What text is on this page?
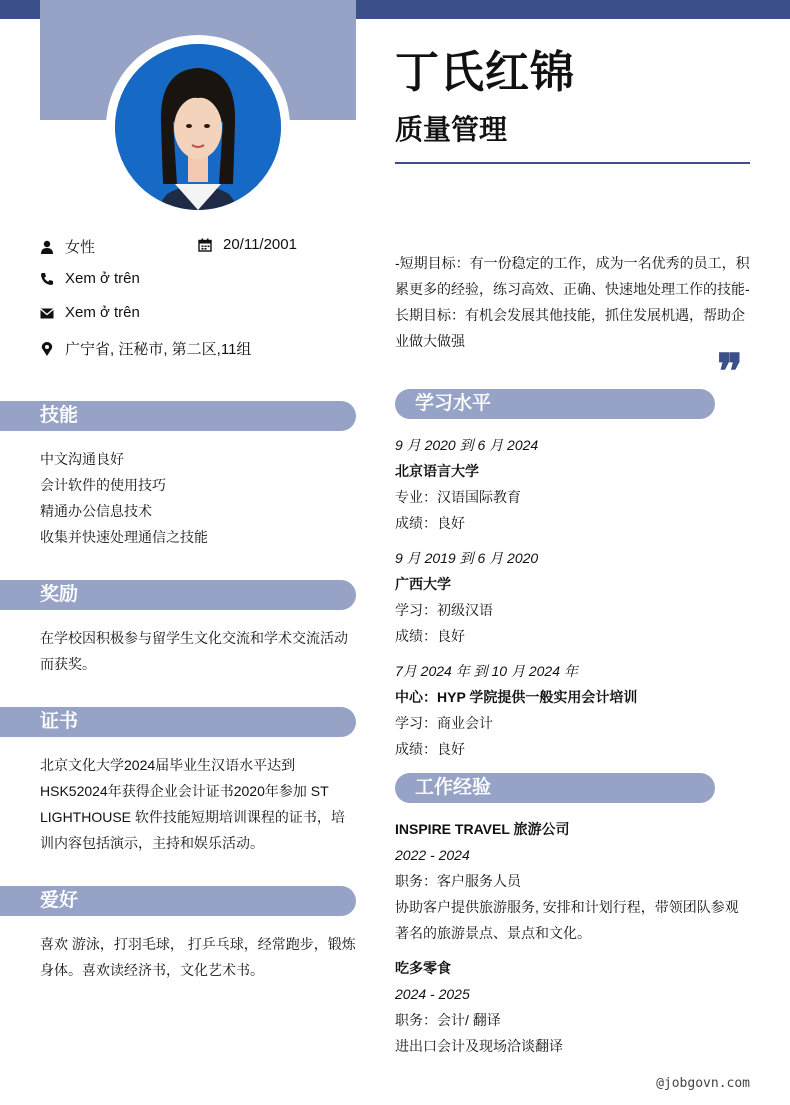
丁氏红锦
质量管理
女性	20/11/2001
Xem ở trên
Xem ở trên
广宁省, 汪秘市, 第二区,11组
-短期目标：有一份稳定的工作，成为一名优秀的员工，积累更多的经验，练习高效、正确、快速地处理工作的技能-长期目标：有机会发展其他技能，抓住发展机遇，帮助企业做大做强
❞
技能
中文沟通良好
会计软件的使用技巧
精通办公信息技术
收集并快速处理通信之技能
奖励
在学校因积极参与留学生文化交流和学术交流活动而获奖。
证书
北京文化大学2024届毕业生汉语水平达到HSK52024年获得企业会计证书2020年参加 ST LIGHTHOUSE 软件技能短期培训课程的证书，培训内容包括演示，主持和娱乐活动。
爱好
喜欢 游泳，打羽毛球， 打乒乓球，经常跑步，锻炼身体。喜欢读经济书，文化艺术书。
学习水平
9 月 2020 到 6 月 2024
北京语言大学
专业：汉语国际教育
成绩：良好
9 月 2019 到 6 月 2020
广西大学
学习：初级汉语
成绩：良好
7月 2024 年 到 10 月 2024 年
中心：HYP 学院提供一般实用会计培训
学习：商业会计
成绩：良好
工作经验
INSPIRE TRAVEL 旅游公司
2022 - 2024
职务：客户服务人员
协助客户提供旅游服务, 安排和计划行程，带领团队参观著名的旅游景点、景点和文化。
吃多零食
2024 - 2025
职务：会计/ 翻译
进出口会计及现场洽谈翻译
@jobgovn.com
